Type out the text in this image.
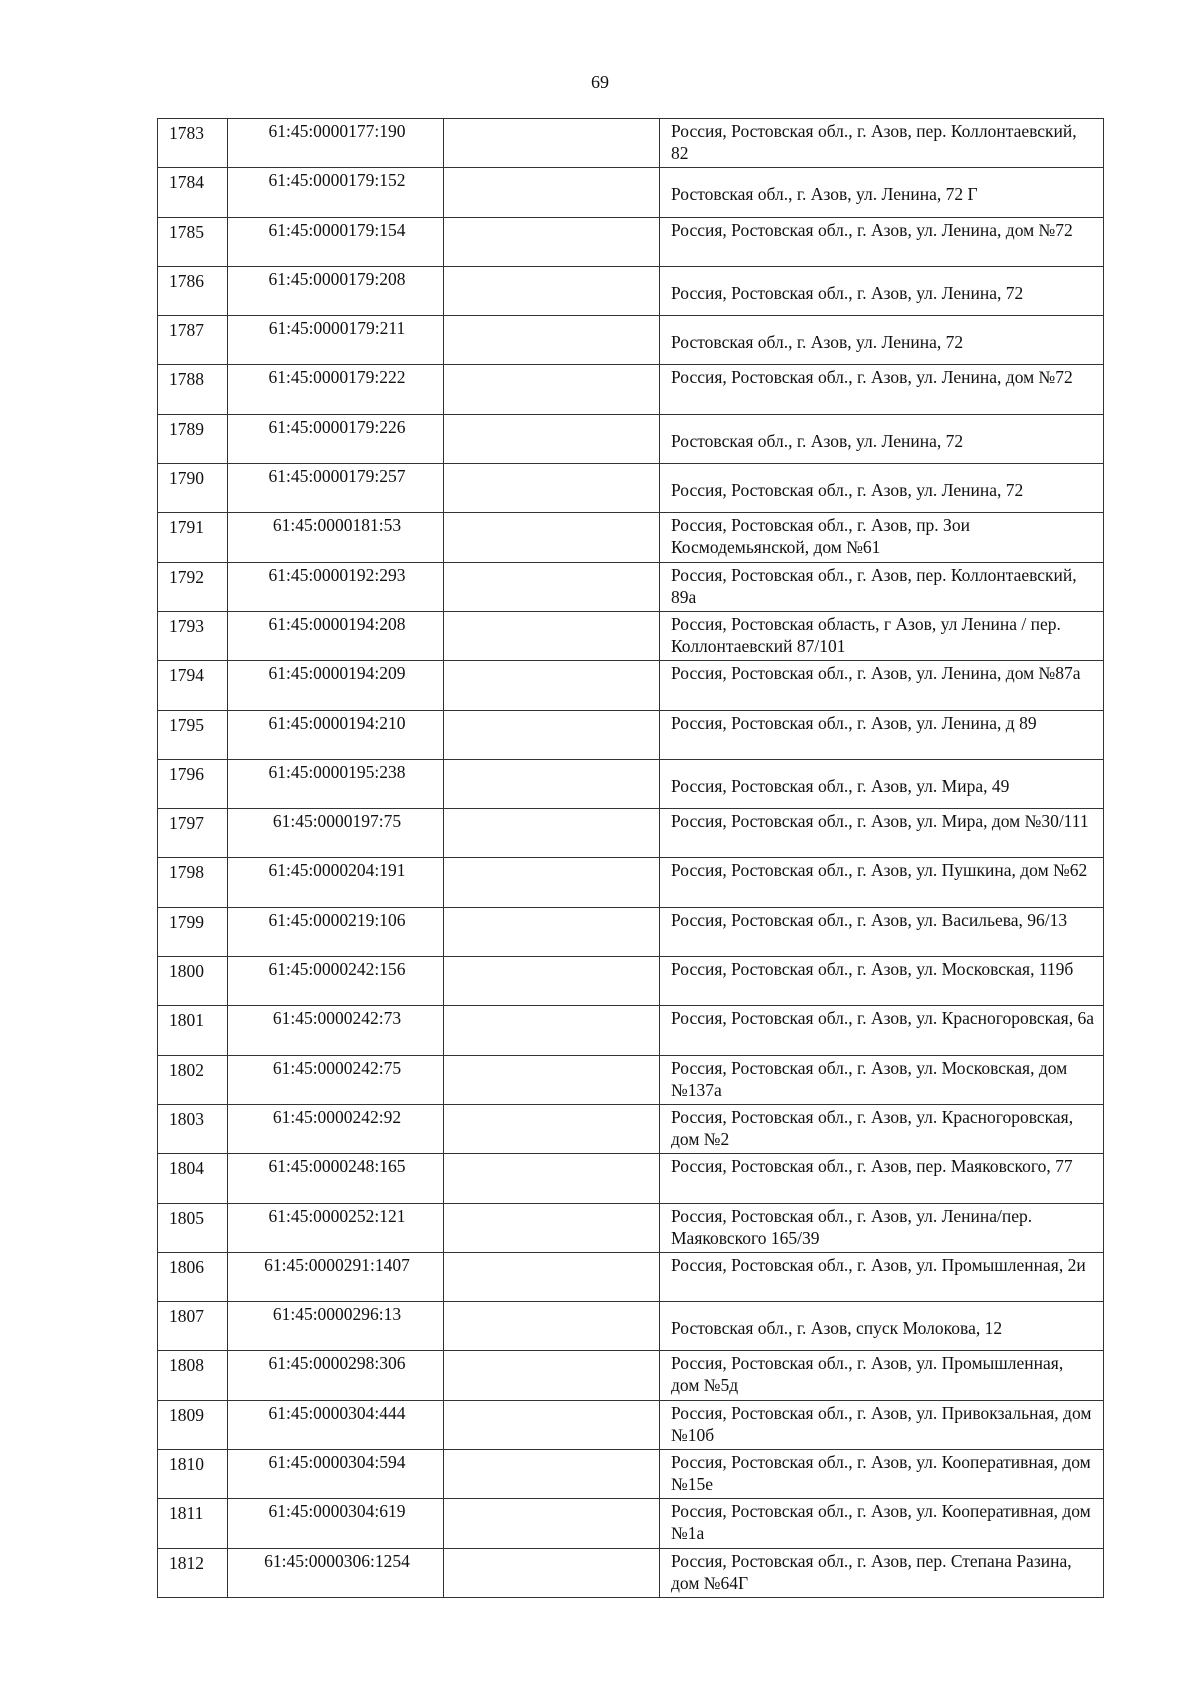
69
1783	61:45:0000177:190		Россия, Ростовская обл., г. Азов, пер. Коллонтаевский, 82

1784	61:45:0000179:152		Ростовская обл., г. Азов, ул. Ленина, 72 Г

1785	61:45:0000179:154		Россия, Ростовская обл., г. Азов, ул. Ленина, дом №72

1786	61:45:0000179:208		Россия, Ростовская обл., г. Азов, ул. Ленина, 72

1787	61:45:0000179:211		Ростовская обл., г. Азов, ул. Ленина, 72

1788	61:45:0000179:222		Россия, Ростовская обл., г. Азов, ул. Ленина, дом №72

1789	61:45:0000179:226		Ростовская обл., г. Азов, ул. Ленина, 72

1790	61:45:0000179:257		Россия, Ростовская обл., г. Азов, ул. Ленина, 72

1791	61:45:0000181:53		Россия, Ростовская обл., г. Азов, пр. Зои Космодемьянской, дом №61

1792	61:45:0000192:293		Россия, Ростовская обл., г. Азов, пер. Коллонтаевский, 89а

1793	61:45:0000194:208		Россия, Ростовская область, г Азов, ул Ленина / пер. Коллонтаевский 87/101

1794	61:45:0000194:209		Россия, Ростовская обл., г. Азов, ул. Ленина, дом №87а

1795	61:45:0000194:210		Россия, Ростовская обл., г. Азов, ул. Ленина, д 89

1796	61:45:0000195:238		Россия, Ростовская обл., г. Азов, ул. Мира, 49

1797	61:45:0000197:75		Россия, Ростовская обл., г. Азов, ул. Мира, дом №30/111

1798	61:45:0000204:191		Россия, Ростовская обл., г. Азов, ул. Пушкина, дом №62

1799	61:45:0000219:106		Россия, Ростовская обл., г. Азов, ул. Васильева, 96/13

1800	61:45:0000242:156		Россия, Ростовская обл., г. Азов, ул. Московская, 119б

1801	61:45:0000242:73		Россия, Ростовская обл., г. Азов, ул. Красногоровская, 6а

1802	61:45:0000242:75		Россия, Ростовская обл., г. Азов, ул. Московская, дом №137а

1803	61:45:0000242:92		Россия, Ростовская обл., г. Азов, ул. Красногоровская, дом №2

1804	61:45:0000248:165		Россия, Ростовская обл., г. Азов, пер. Маяковского, 77

1805	61:45:0000252:121		Россия, Ростовская обл., г. Азов, ул. Ленина/пер. Маяковского 165/39

1806	61:45:0000291:1407		Россия, Ростовская обл., г. Азов, ул. Промышленная, 2и

1807	61:45:0000296:13		Ростовская обл., г. Азов, спуск Молокова, 12

1808	61:45:0000298:306		Россия, Ростовская обл., г. Азов, ул. Промышленная, дом №5д

1809	61:45:0000304:444		Россия, Ростовская обл., г. Азов, ул. Привокзальная, дом №10б

1810	61:45:0000304:594		Россия, Ростовская обл., г. Азов, ул. Кооперативная, дом №15е

1811	61:45:0000304:619		Россия, Ростовская обл., г. Азов, ул. Кооперативная, дом №1а

1812	61:45:0000306:1254		Россия, Ростовская обл., г. Азов, пер. Степана Разина, дом №64Г
